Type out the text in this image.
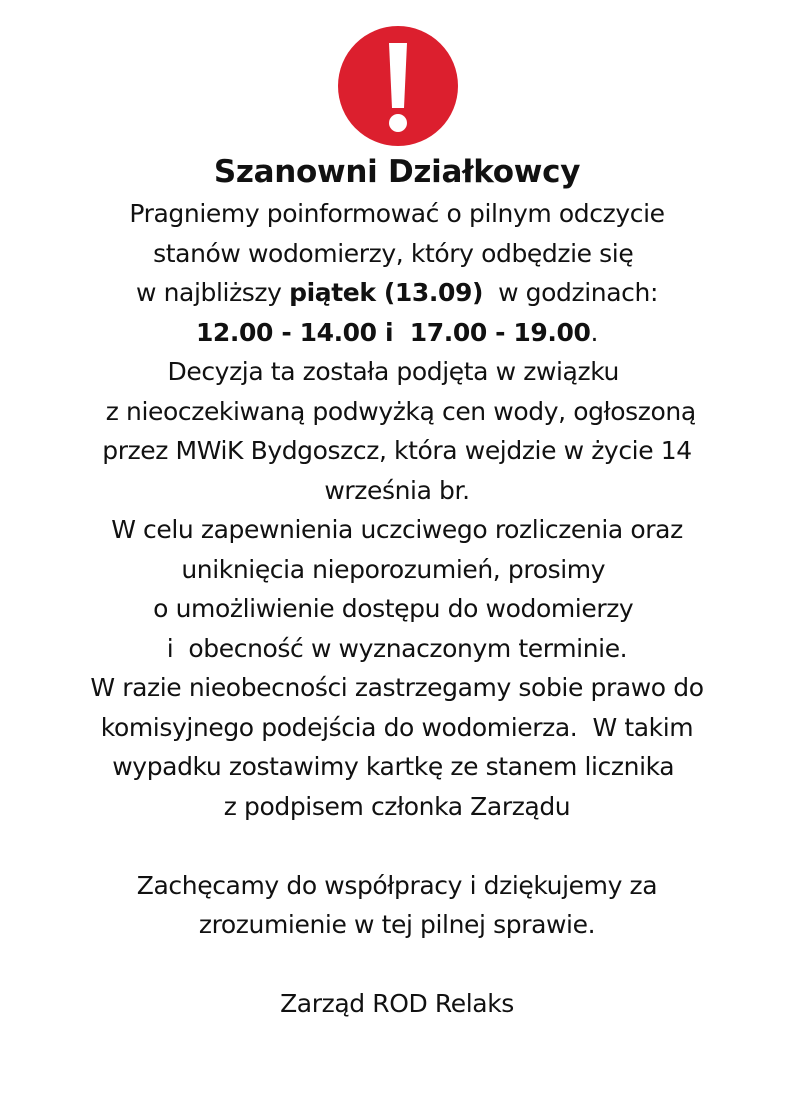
Szanowni Działkowcy

Pragniemy poinformować o pilnym odczycie

stanów wodomierzy, który odbędzie się

w najbliższy piątek (13.09)  w godzinach:

12.00 - 14.00 i  17.00 - 19.00.

Decyzja ta została podjęta w związku

z nieoczekiwaną podwyżką cen wody, ogłoszoną

przez MWiK Bydgoszcz, która wejdzie w życie 14

września br.

W celu zapewnienia uczciwego rozliczenia oraz

uniknięcia nieporozumień, prosimy

o umożliwienie dostępu do wodomierzy

i  obecność w wyznaczonym terminie.

W razie nieobecności zastrzegamy sobie prawo do

komisyjnego podejścia do wodomierza.  W takim

wypadku zostawimy kartkę ze stanem licznika

z podpisem członka Zarządu

Zachęcamy do współpracy i dziękujemy za

zrozumienie w tej pilnej sprawie.

Zarząd ROD Relaks
